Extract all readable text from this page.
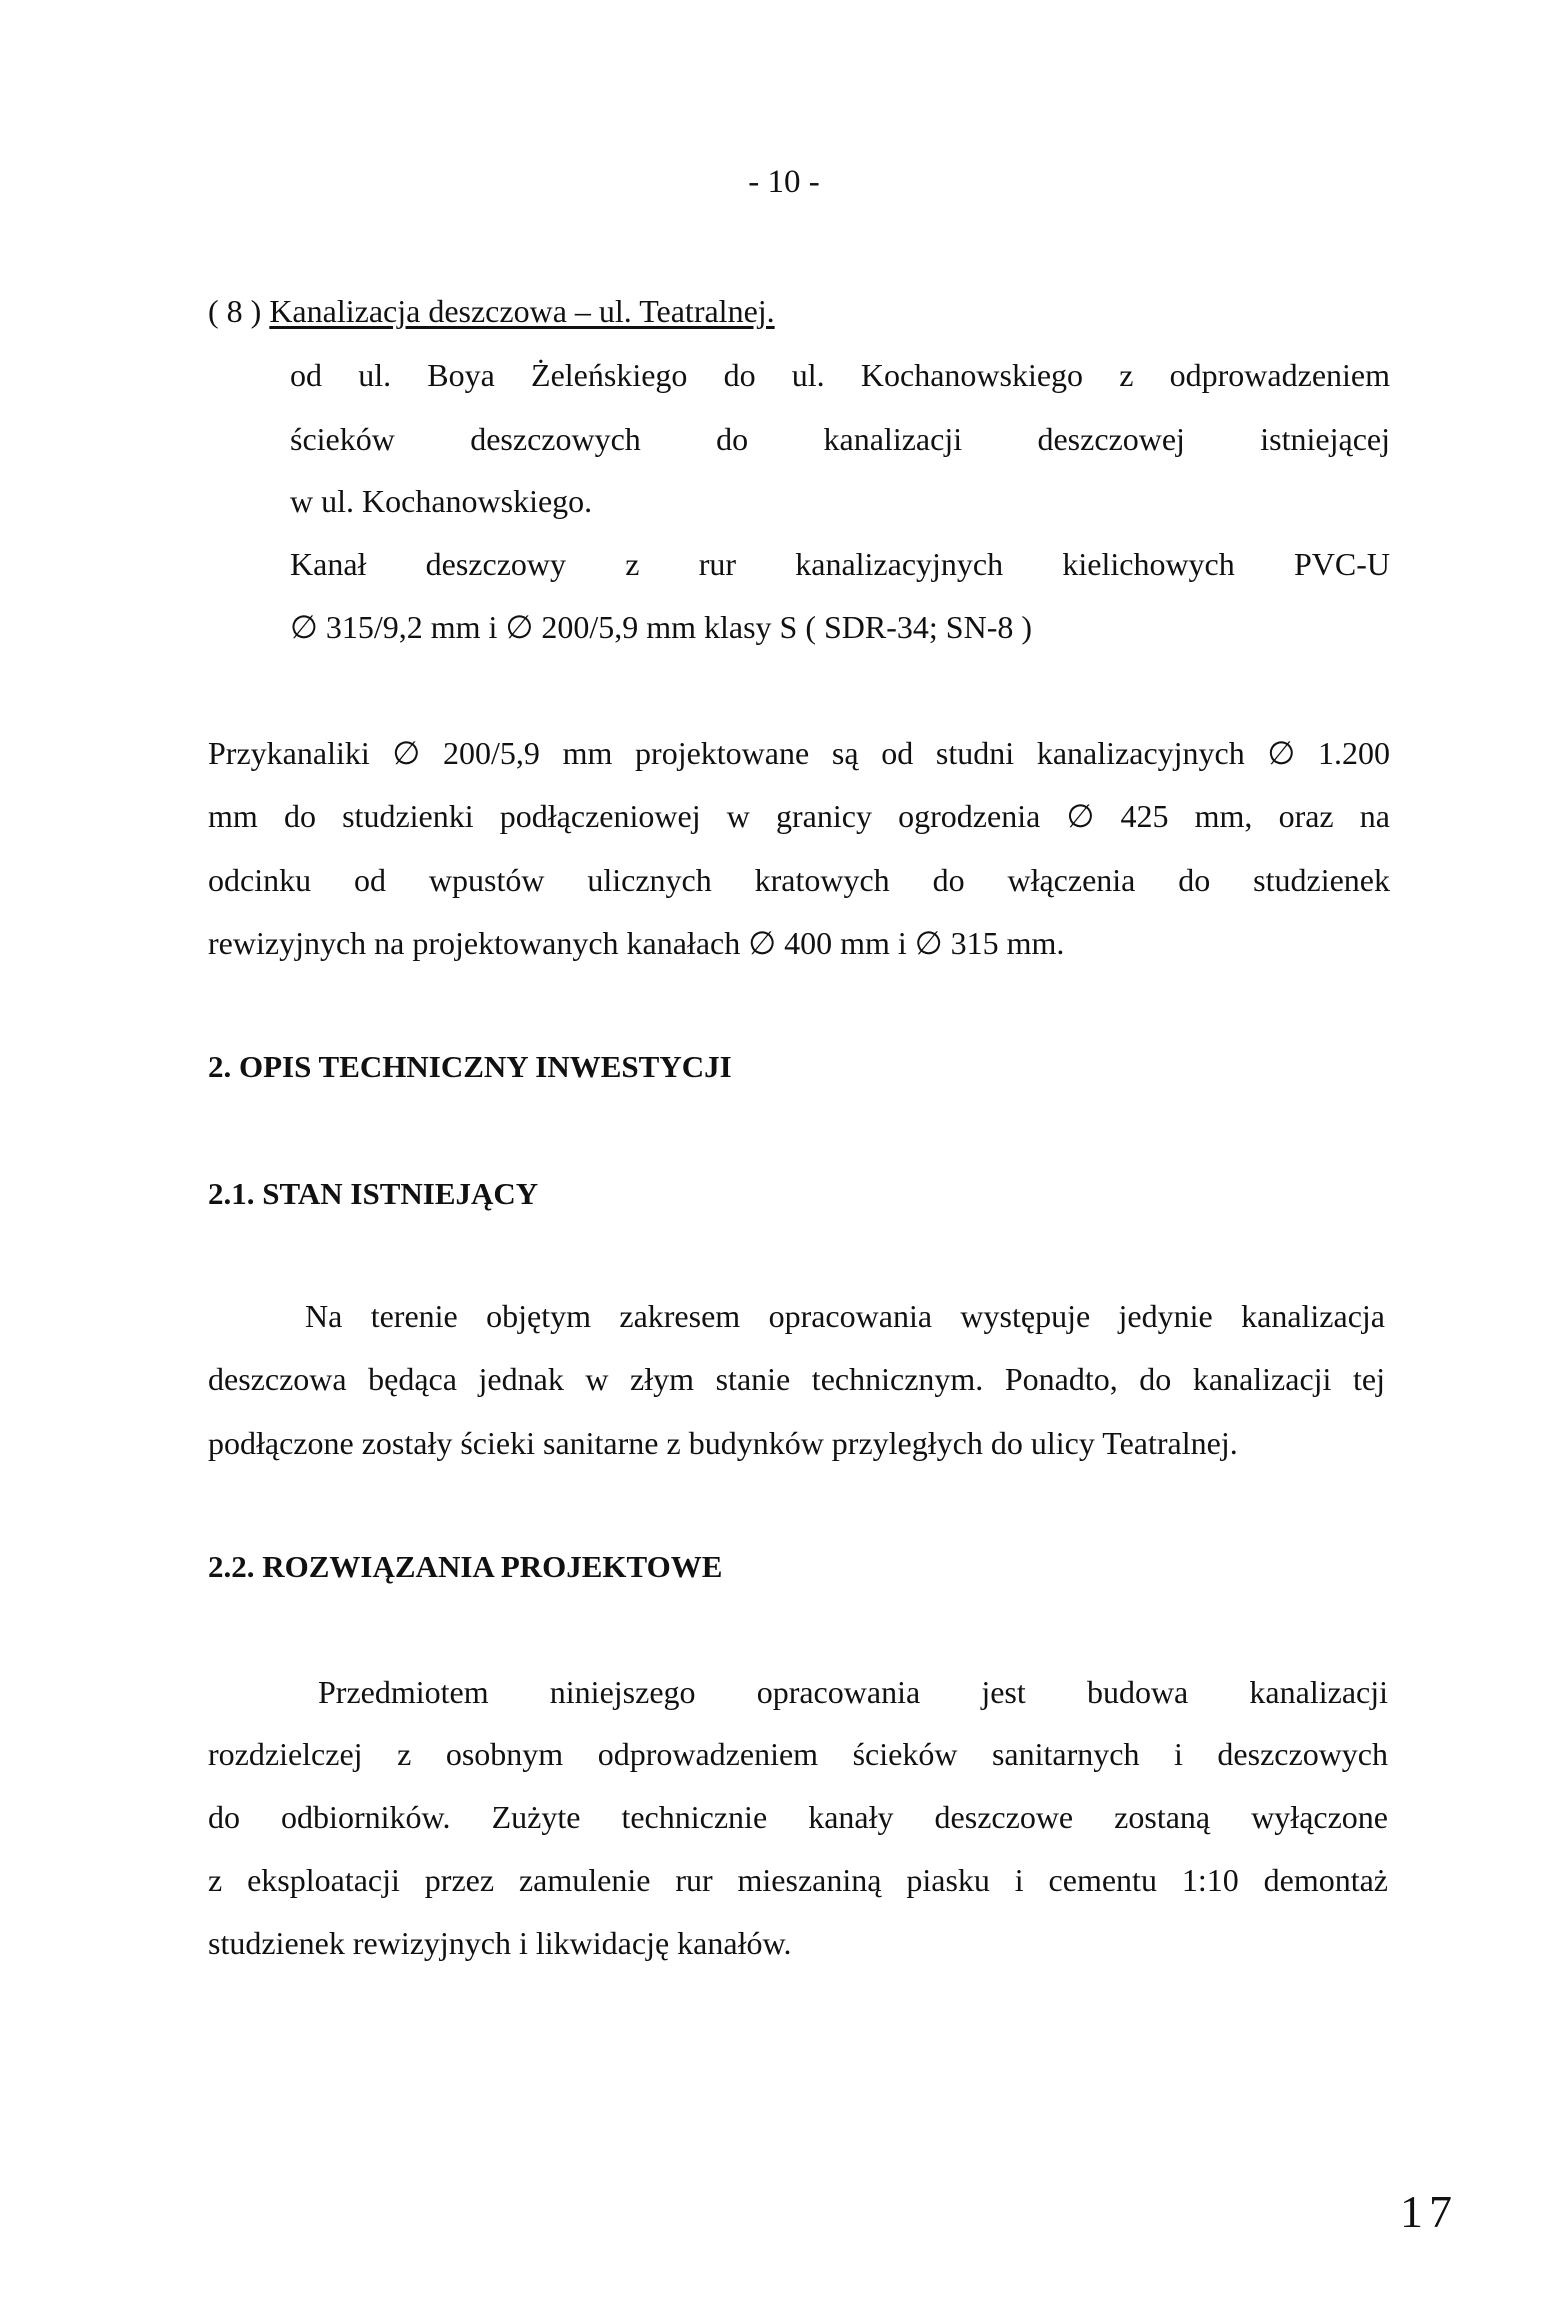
- 10 -
( 8 ) Kanalizacja deszczowa – ul. Teatralnej.
od ul. Boya Żeleńskiego do ul. Kochanowskiego z odprowadzeniem
ścieków deszczowych do kanalizacji deszczowej istniejącej
w ul. Kochanowskiego.
Kanał deszczowy z rur kanalizacyjnych kielichowych PVC-U
∅ 315/9,2 mm i ∅ 200/5,9 mm klasy S ( SDR-34; SN-8 )
Przykanaliki ∅ 200/5,9 mm projektowane są od studni kanalizacyjnych ∅ 1.200
mm do studzienki podłączeniowej w granicy ogrodzenia ∅ 425 mm, oraz na
odcinku od wpustów ulicznych kratowych do włączenia do studzienek
rewizyjnych na projektowanych kanałach ∅ 400 mm i ∅ 315 mm.
2. OPIS TECHNICZNY INWESTYCJI
2.1. STAN ISTNIEJĄCY
Na terenie objętym zakresem opracowania występuje jedynie kanalizacja
deszczowa będąca jednak w złym stanie technicznym. Ponadto, do kanalizacji tej
podłączone zostały ścieki sanitarne z budynków przyległych do ulicy Teatralnej.
2.2. ROZWIĄZANIA PROJEKTOWE
Przedmiotem niniejszego opracowania jest budowa kanalizacji
rozdzielczej z osobnym odprowadzeniem ścieków sanitarnych i deszczowych
do odbiorników. Zużyte technicznie kanały deszczowe zostaną wyłączone
z eksploatacji przez zamulenie rur mieszaniną piasku i cementu 1:10 demontaż
studzienek rewizyjnych i likwidację kanałów.
17
